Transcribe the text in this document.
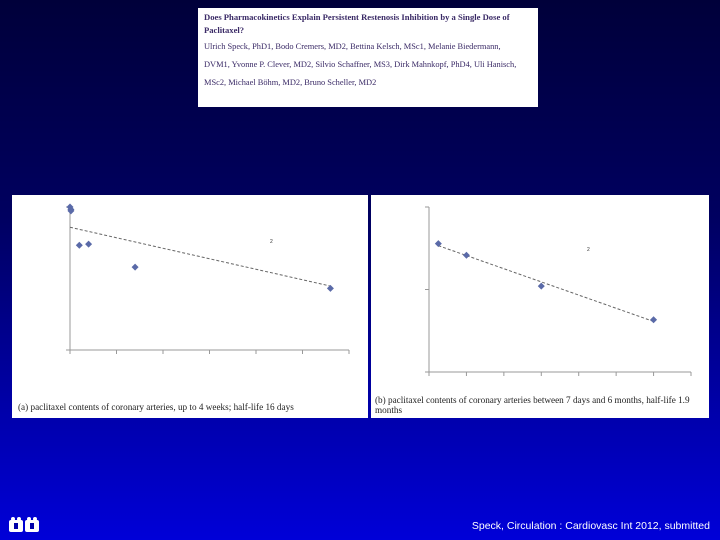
Does Pharmacokinetics Explain Persistent Restenosis Inhibition by a Single Dose of
Paclitaxel?
Ulrich Speck, PhD1, Bodo Cremers, MD2, Bettina Kelsch, MSc1, Melanie Biedermann,
DVM1, Yvonne P. Clever, MD2, Silvio Schaffner, MS3, Dirk Mahnkopf, PhD4, Uli Hanisch,
MSc2, Michael Böhm, MD2, Bruno Scheller, MD2
2
(a) paclitaxel contents of coronary arteries, up to 4 weeks; half-life 16 days
2
(b) paclitaxel contents of coronary arteries between 7 days and 6 months, half-life 1.9 months
Speck, Circulation : Cardiovasc Int 2012, submitted
